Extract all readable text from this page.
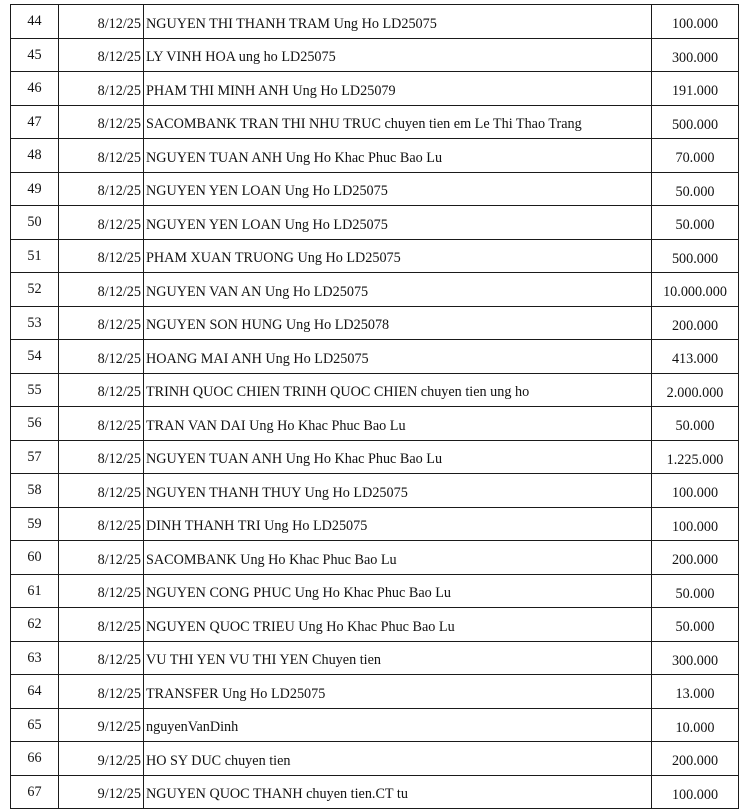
44		8/12/25	NGUYEN THI THANH TRAM Ung Ho LD25075	100.000
45		8/12/25	LY VINH HOA ung ho LD25075	300.000
46		8/12/25	PHAM THI MINH ANH Ung Ho LD25079	191.000
47		8/12/25	SACOMBANK TRAN THI NHU TRUC chuyen tien em Le Thi Thao Trang	500.000
48		8/12/25	NGUYEN TUAN ANH Ung Ho Khac Phuc Bao Lu	70.000
49		8/12/25	NGUYEN YEN LOAN Ung Ho LD25075	50.000
50		8/12/25	NGUYEN YEN LOAN Ung Ho LD25075	50.000
51		8/12/25	PHAM XUAN TRUONG Ung Ho LD25075	500.000
52		8/12/25	NGUYEN VAN AN Ung Ho LD25075	10.000.000
53		8/12/25	NGUYEN SON HUNG Ung Ho LD25078	200.000
54		8/12/25	HOANG MAI ANH Ung Ho LD25075	413.000
55		8/12/25	TRINH QUOC CHIEN TRINH QUOC CHIEN chuyen tien ung ho	2.000.000
56		8/12/25	TRAN VAN DAI Ung Ho Khac Phuc Bao Lu	50.000
57		8/12/25	NGUYEN TUAN ANH Ung Ho Khac Phuc Bao Lu	1.225.000
58		8/12/25	NGUYEN THANH THUY Ung Ho LD25075	100.000
59		8/12/25	DINH THANH TRI Ung Ho LD25075	100.000
60		8/12/25	SACOMBANK Ung Ho Khac Phuc Bao Lu	200.000
61		8/12/25	NGUYEN CONG PHUC Ung Ho Khac Phuc Bao Lu	50.000
62		8/12/25	NGUYEN QUOC TRIEU Ung Ho Khac Phuc Bao Lu	50.000
63		8/12/25	VU THI YEN VU THI YEN Chuyen tien	300.000
64		8/12/25	TRANSFER Ung Ho LD25075	13.000
65		9/12/25	nguyenVanDinh	10.000
66		9/12/25	HO SY DUC chuyen tien	200.000
67		9/12/25	NGUYEN QUOC THANH chuyen tien.CT tu	100.000
